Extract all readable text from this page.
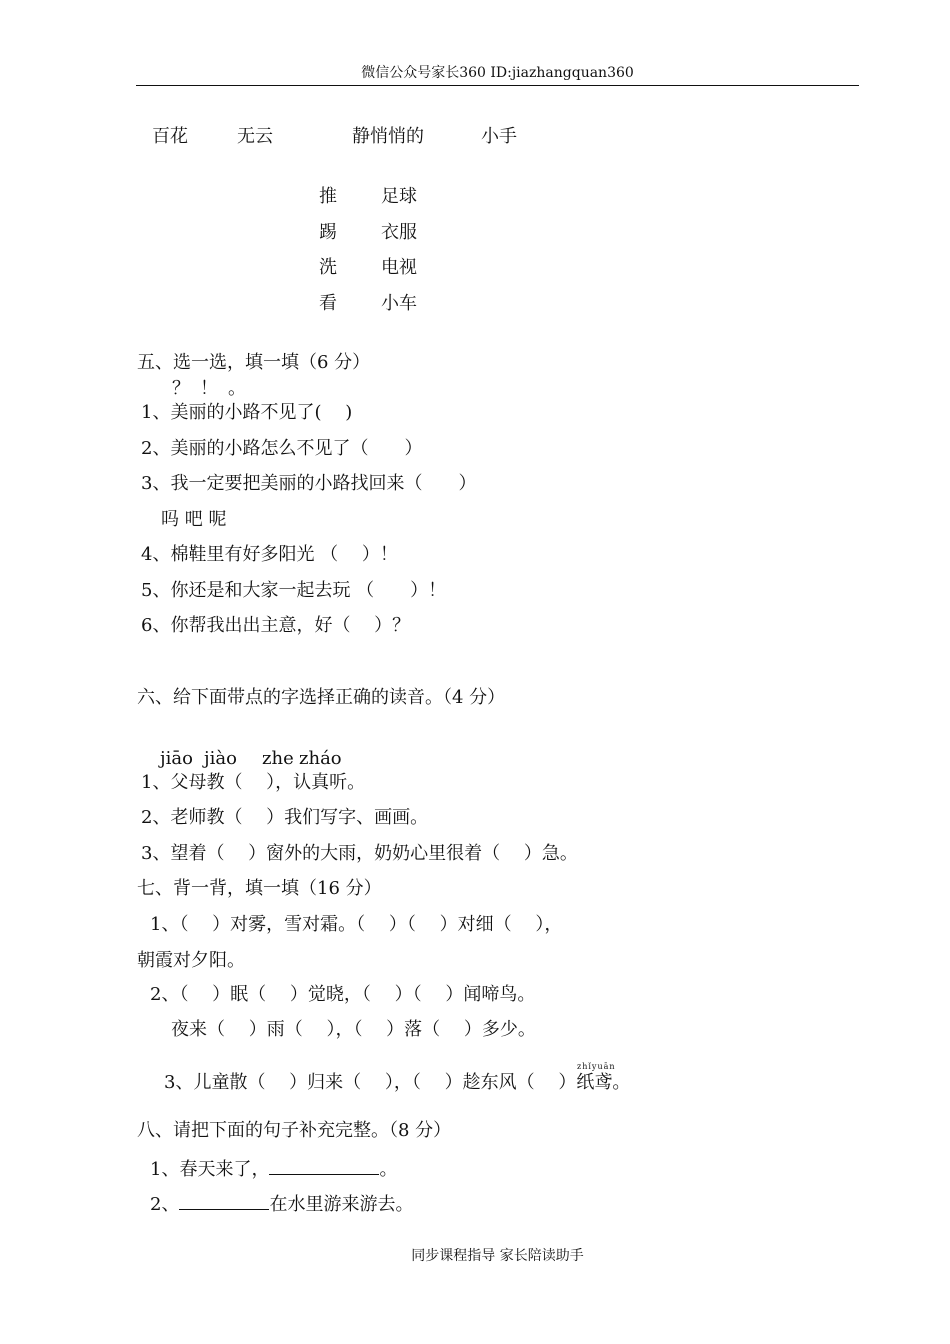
微信公众号家长360 ID:jiazhangquan360
百花	无云	静悄悄的	小手
推 足球
踢 衣服
洗 电视
看 小车
五、选一选，填一填（6 分）
？ ！ 。
1、美丽的小路不见了(　 )
2、美丽的小路怎么不见了（　　）
3、我一定要把美丽的小路找回来（　　）
吗 吧 呢
4、棉鞋里有好多阳光 （　 ）！
5、你还是和大家一起去玩 （　　）！
6、你帮我出出主意，好（　 ）？
六、给下面带点的字选择正确的读音。（4 分）
jiāo jiào zhe zháo
1、父母教（　 ），认真听。
2、老师教（　 ）我们写字、画画。
3、望着（　 ）窗外的大雨，奶奶心里很着（　 ）急。
七、背一背，填一填（16 分）
1、（　 ）对雾，雪对霜。（　 ）（　 ）对细（　 ），
朝霞对夕阳。
2、（　 ）眠（　 ）觉晓，（　 ）（　 ）闻啼鸟。
夜来（　 ）雨（　 ），（　 ）落（　 ）多少。
zhǐyuān
3、儿童散（　 ）归来（　 ），（　 ）趁东风（　 ）纸鸢。
八、请把下面的句子补充完整。（8 分）
1、春天来了，	。
2、	在水里游来游去。
同步课程指导 家长陪读助手
